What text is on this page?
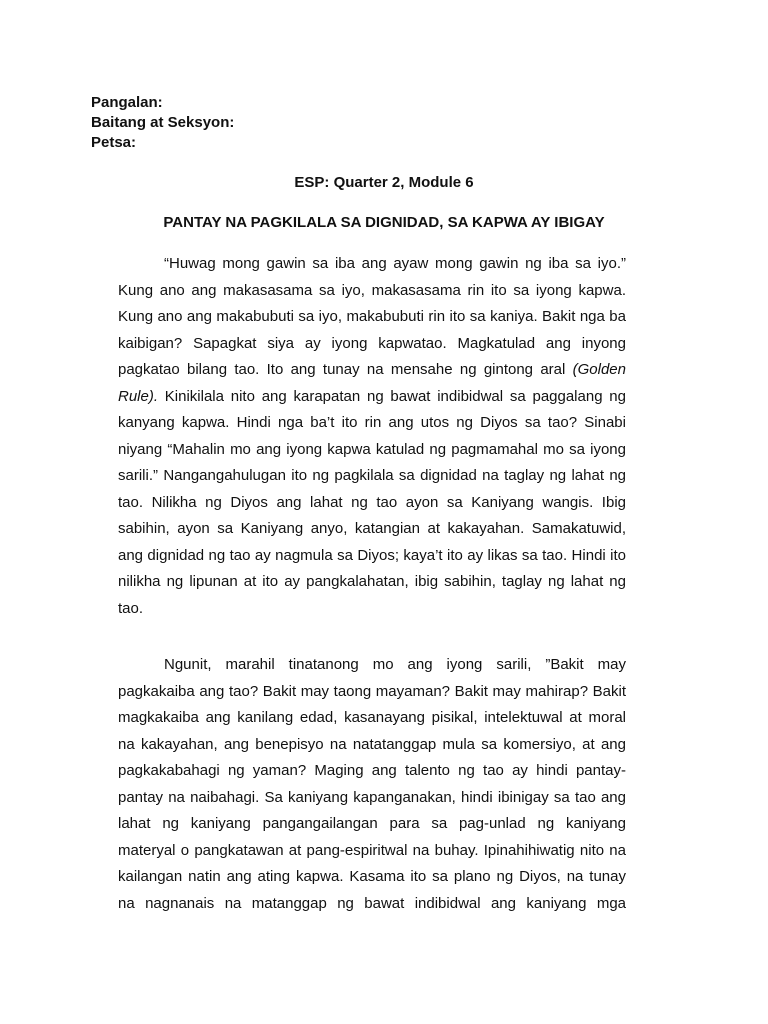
Pangalan:
Baitang at Seksyon:
Petsa:
ESP: Quarter 2, Module 6
PANTAY NA PAGKILALA SA DIGNIDAD, SA KAPWA AY IBIGAY
“Huwag mong gawin sa iba ang ayaw mong gawin ng iba sa iyo.”
Kung ano ang makasasama sa iyo, makasasama rin ito sa iyong kapwa.
Kung ano ang makabubuti sa iyo, makabubuti rin ito sa kaniya. Bakit nga ba
kaibigan? Sapagkat siya ay iyong kapwatao. Magkatulad ang inyong
pagkatao bilang tao. Ito ang tunay na mensahe ng gintong aral (Golden
Rule). Kinikilala nito ang karapatan ng bawat indibidwal sa paggalang ng
kanyang kapwa. Hindi nga ba’t ito rin ang utos ng Diyos sa tao? Sinabi
niyang “Mahalin mo ang iyong kapwa katulad ng pagmamahal mo sa iyong
sarili.” Nangangahulugan ito ng pagkilala sa dignidad na taglay ng lahat ng
tao. Nilikha ng Diyos ang lahat ng tao ayon sa Kaniyang wangis. Ibig
sabihin, ayon sa Kaniyang anyo, katangian at kakayahan. Samakatuwid,
ang dignidad ng tao ay nagmula sa Diyos; kaya’t ito ay likas sa tao. Hindi ito
nilikha ng lipunan at ito ay pangkalahatan, ibig sabihin, taglay ng lahat ng
tao.
Ngunit, marahil tinatanong mo ang iyong sarili, ”Bakit may
pagkakaiba ang tao? Bakit may taong mayaman? Bakit may mahirap? Bakit
magkakaiba ang kanilang edad, kasanayang pisikal, intelektuwal at moral
na kakayahan, ang benepisyo na natatanggap mula sa komersiyo, at ang
pagkakabahagi ng yaman? Maging ang talento ng tao ay hindi pantay-
pantay na naibahagi. Sa kaniyang kapanganakan, hindi ibinigay sa tao ang
lahat ng kaniyang pangangailangan para sa pag-unlad ng kaniyang
materyal o pangkatawan at pang-espiritwal na buhay. Ipinahihiwatig nito na
kailangan natin ang ating kapwa. Kasama ito sa plano ng Diyos, na tunay
na nagnanais na matanggap ng bawat indibidwal ang kaniyang mga
